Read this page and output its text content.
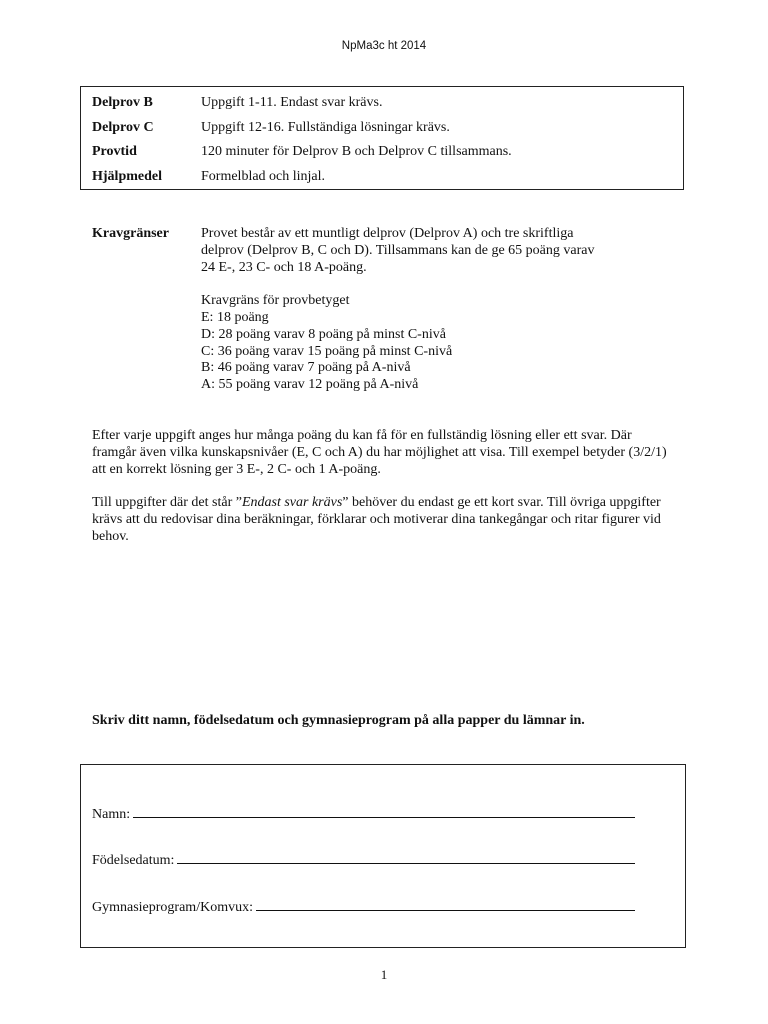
NpMa3c ht 2014
Delprov B	Uppgift 1-11. Endast svar krävs.
Delprov C	Uppgift 12-16. Fullständiga lösningar krävs.
Provtid	120 minuter för Delprov B och Delprov C tillsammans.
Hjälpmedel	Formelblad och linjal.
Kravgränser Provet består av ett muntligt delprov (Delprov A) och tre skriftliga

delprov (Delprov B, C och D). Tillsammans kan de ge 65 poäng varav

24 E-, 23 C- och 18 A-poäng.

Kravgräns för provbetyget

E: 18 poäng

D: 28 poäng varav 8 poäng på minst C-nivå

C: 36 poäng varav 15 poäng på minst C-nivå

B: 46 poäng varav 7 poäng på A-nivå

A: 55 poäng varav 12 poäng på A-nivå

Efter varje uppgift anges hur många poäng du kan få för en fullständig lösning eller ett svar. Där framgår även vilka kunskapsnivåer (E, C och A) du har möjlighet att visa. Till exempel betyder (3/2/1) att en korrekt lösning ger 3 E-, 2 C- och 1 A-poäng.

Till uppgifter där det står ”Endast svar krävs” behöver du endast ge ett kort svar. Till övriga uppgifter krävs att du redovisar dina beräkningar, förklarar och motiverar dina tankegångar och ritar figurer vid behov.

Skriv ditt namn, födelsedatum och gymnasieprogram på alla papper du lämnar in.

Namn:
Födelsedatum:
Gymnasieprogram/Komvux:
1
